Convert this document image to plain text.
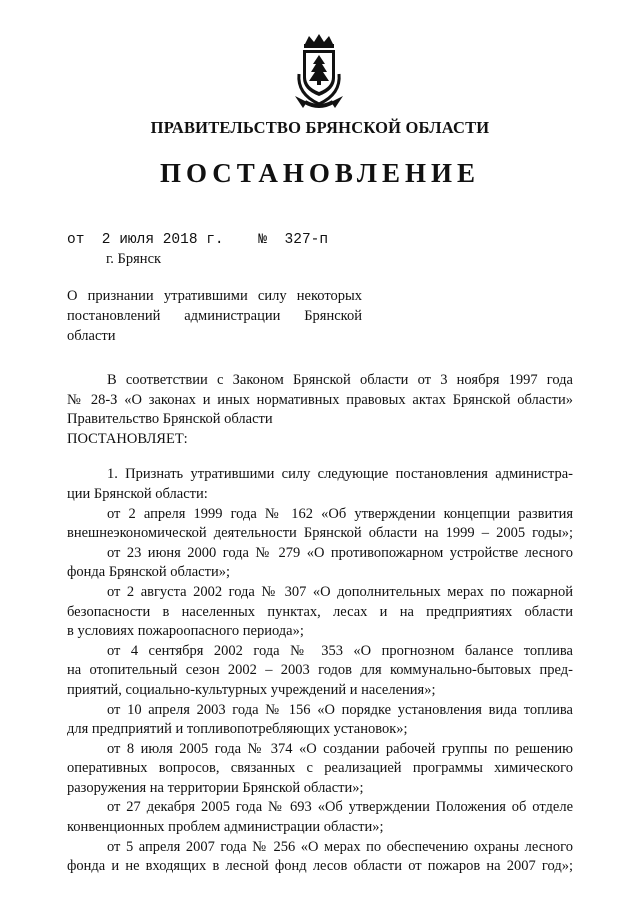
ПРАВИТЕЛЬСТВО БРЯНСКОЙ ОБЛАСТИ
ПОСТАНОВЛЕНИЕ
от  2 июля 2018 г.    №  327-п
г. Брянск
О признании утратившими силу некоторых
постановлений администрации Брянской
области

В соответствии с Законом Брянской области от 3 ноября 1997 года

№ 28-З «О законах и иных нормативных правовых актах Брянской области»

Правительство Брянской области

ПОСТАНОВЛЯЕТ:

1. Признать утратившими силу следующие постановления администра-

ции Брянской области:

от 2 апреля 1999 года № 162 «Об утверждении концепции развития

внешнеэкономической деятельности Брянской области на 1999 – 2005 годы»;

от 23 июня 2000 года № 279 «О противопожарном устройстве лесного

фонда Брянской области»;

от 2 августа 2002 года № 307 «О дополнительных мерах по пожарной

безопасности в населенных пунктах, лесах и на предприятиях области

в условиях пожароопасного периода»;

от 4 сентября 2002 года № 353 «О прогнозном балансе топлива

на отопительный сезон 2002 – 2003 годов для коммунально-бытовых пред-

приятий, социально-культурных учреждений и населения»;

от 10 апреля 2003 года № 156 «О порядке установления вида топлива

для предприятий и топливопотребляющих установок»;

от 8 июля 2005 года № 374 «О создании рабочей группы по решению

оперативных вопросов, связанных с реализацией программы химического

разоружения на территории Брянской области»;

от 27 декабря 2005 года № 693 «Об утверждении Положения об отделе

конвенционных проблем администрации области»;

от 5 апреля 2007 года № 256 «О мерах по обеспечению охраны лесного

фонда и не входящих в лесной фонд лесов области от пожаров на 2007 год»;
